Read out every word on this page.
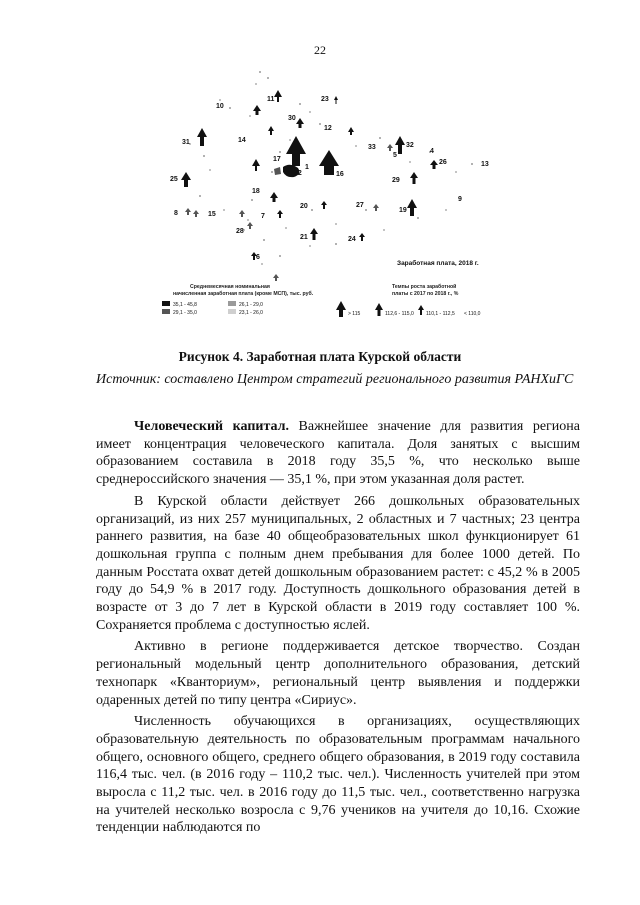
22
1
4
5
6
7
8
9
10
11
12
13
14
15
16
17
18
19
20
21
22
23
24
25
26
27
28
29
30
31	32
33
Заработная плата, 2018 г.
Среднемесячная номинальная
начисленная заработная плата (кроме МСП), тыс. руб.
35,1 - 45,8	26,1 - 29,0
29,1 - 35,0	23,1 - 26,0
Темпы роста заработной
платы с 2017 по 2018 г., %
> 115	112,6 - 115,0 110,1 - 112,5 < 110,0
Рисунок 4. Заработная плата Курской области
Источник: составлено Центром стратегий регионального развития РАНХиГС

Человеческий капитал. Важнейшее значение для развития региона имеет концентрация человеческого капитала. Доля занятых с высшим образованием составила в 2018 году 35,5 %, что несколько выше среднероссийского значения — 35,1 %, при этом указанная доля растет.

В Курской области действует 266 дошкольных образовательных организаций, из них 257 муниципальных, 2 областных и 7 частных; 23 центра раннего развития, на базе 40 общеобразовательных школ функционирует 61 дошкольная группа с полным днем пребывания для более 1000 детей. По данным Росстата охват детей дошкольным образованием растет: с 45,2 % в 2005 году до 54,9 % в 2017 году. Доступность дошкольного образования детей в возрасте от 3 до 7 лет в Курской области в 2019 году составляет 100 %. Сохраняется проблема с доступностью яслей.

Активно в регионе поддерживается детское творчество. Создан региональный модельный центр дополнительного образования, детский технопарк «Кванториум», региональный центр выявления и поддержки одаренных детей по типу центра «Сириус».

Численность обучающихся в организациях, осуществляющих образовательную деятельность по образовательным программам начального общего, основного общего, среднего общего образования, в 2019 году составила 116,4 тыс. чел. (в 2016 году – 110,2 тыс. чел.). Численность учителей при этом выросла с 11,2 тыс. чел. в 2016 году до 11,5 тыс. чел., соответственно нагрузка на учителей несколько возросла с 9,76 учеников на учителя до 10,16. Схожие тенденции наблюдаются по
